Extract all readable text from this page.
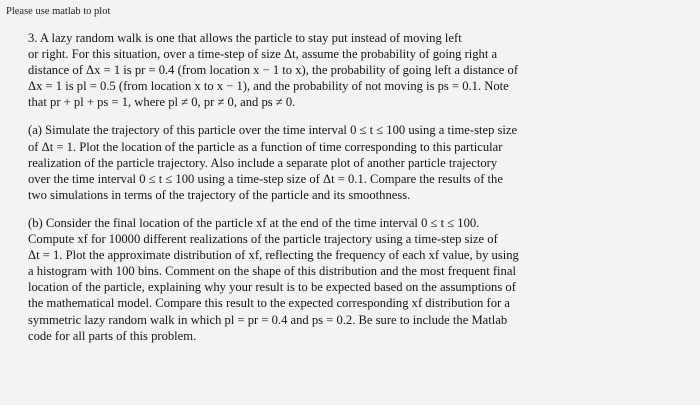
Please use matlab to plot

3. A lazy random walk is one that allows the particle to stay put instead of moving left
or right. For this situation, over a time-step of size Δt, assume the probability of going right a
distance of Δx = 1 is pr = 0.4 (from location x − 1 to x), the probability of going left a distance of
Δx = 1 is pl = 0.5 (from location x to x − 1), and the probability of not moving is ps = 0.1. Note
that pr + pl + ps = 1, where pl ≠ 0, pr ≠ 0, and ps ≠ 0.

(a) Simulate the trajectory of this particle over the time interval 0 ≤ t ≤ 100 using a time-step size
of Δt = 1. Plot the location of the particle as a function of time corresponding to this particular
realization of the particle trajectory. Also include a separate plot of another particle trajectory
over the time interval 0 ≤ t ≤ 100 using a time-step size of Δt = 0.1. Compare the results of the
two simulations in terms of the trajectory of the particle and its smoothness.

(b) Consider the final location of the particle xf at the end of the time interval 0 ≤ t ≤ 100.
Compute xf for 10000 different realizations of the particle trajectory using a time-step size of
Δt = 1. Plot the approximate distribution of xf, reflecting the frequency of each xf value, by using
a histogram with 100 bins. Comment on the shape of this distribution and the most frequent final
location of the particle, explaining why your result is to be expected based on the assumptions of
the mathematical model. Compare this result to the expected corresponding xf distribution for a
symmetric lazy random walk in which pl = pr = 0.4 and ps = 0.2. Be sure to include the Matlab
code for all parts of this problem.
